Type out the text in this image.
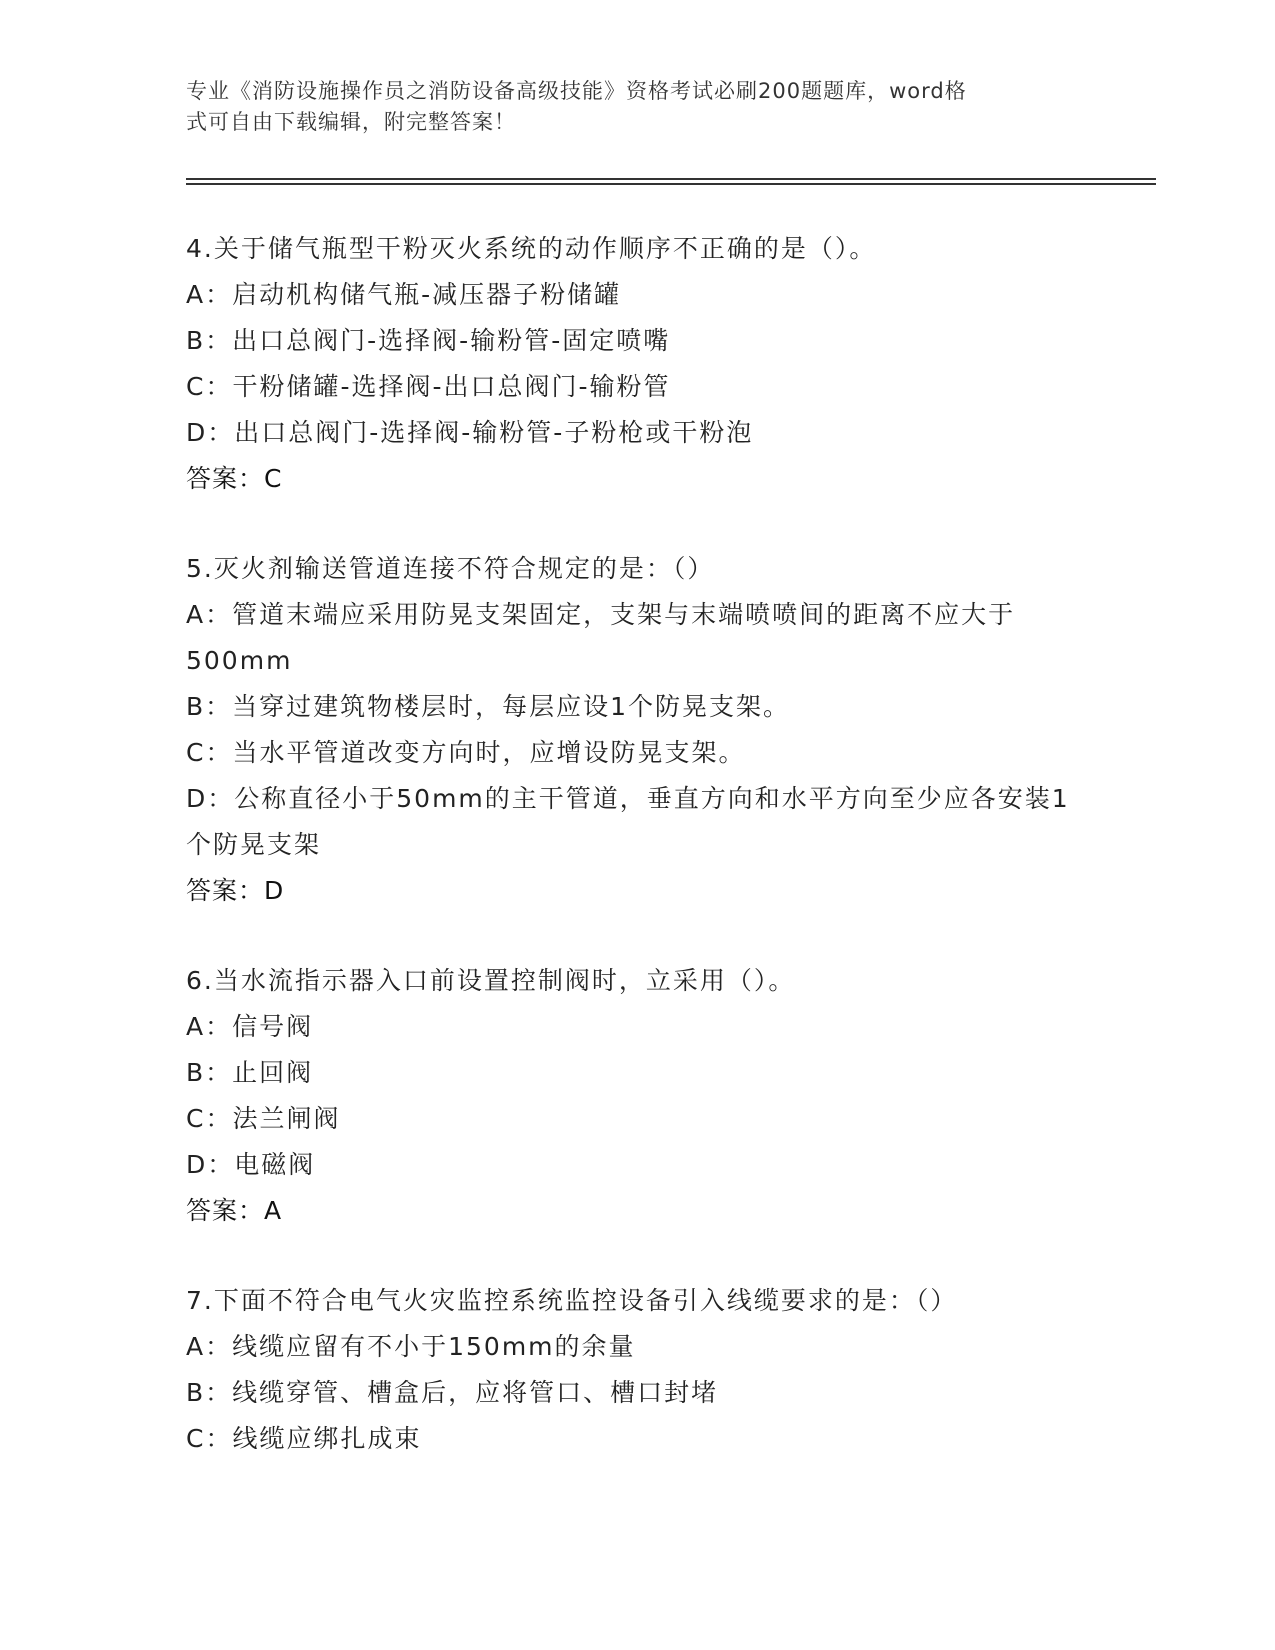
专业《消防设施操作员之消防设备高级技能》资格考试必刷200题题库，word格
式可自由下载编辑，附完整答案！
4.关于储气瓶型干粉灭火系统的动作顺序不正确的是（）。
A：启动机构储气瓶-减压器子粉储罐
B：出口总阀门-选择阀-输粉管-固定喷嘴
C：干粉储罐-选择阀-出口总阀门-输粉管
D：出口总阀门-选择阀-输粉管-子粉枪或干粉泡
答案：C
5.灭火剂输送管道连接不符合规定的是：（）
A：管道末端应采用防晃支架固定，支架与末端喷喷间的距离不应大于500mm
B：当穿过建筑物楼层时，每层应设1个防晃支架。
C：当水平管道改变方向时，应增设防晃支架。
D：公称直径小于50mm的主干管道，垂直方向和水平方向至少应各安装1个防晃支架
答案：D
6.当水流指示器入口前设置控制阀时，立采用（）。
A：信号阀
B：止回阀
C：法兰闸阀
D：电磁阀
答案：A
7.下面不符合电气火灾监控系统监控设备引入线缆要求的是：（）
A：线缆应留有不小于150mm的余量
B：线缆穿管、槽盒后，应将管口、槽口封堵
C：线缆应绑扎成束
